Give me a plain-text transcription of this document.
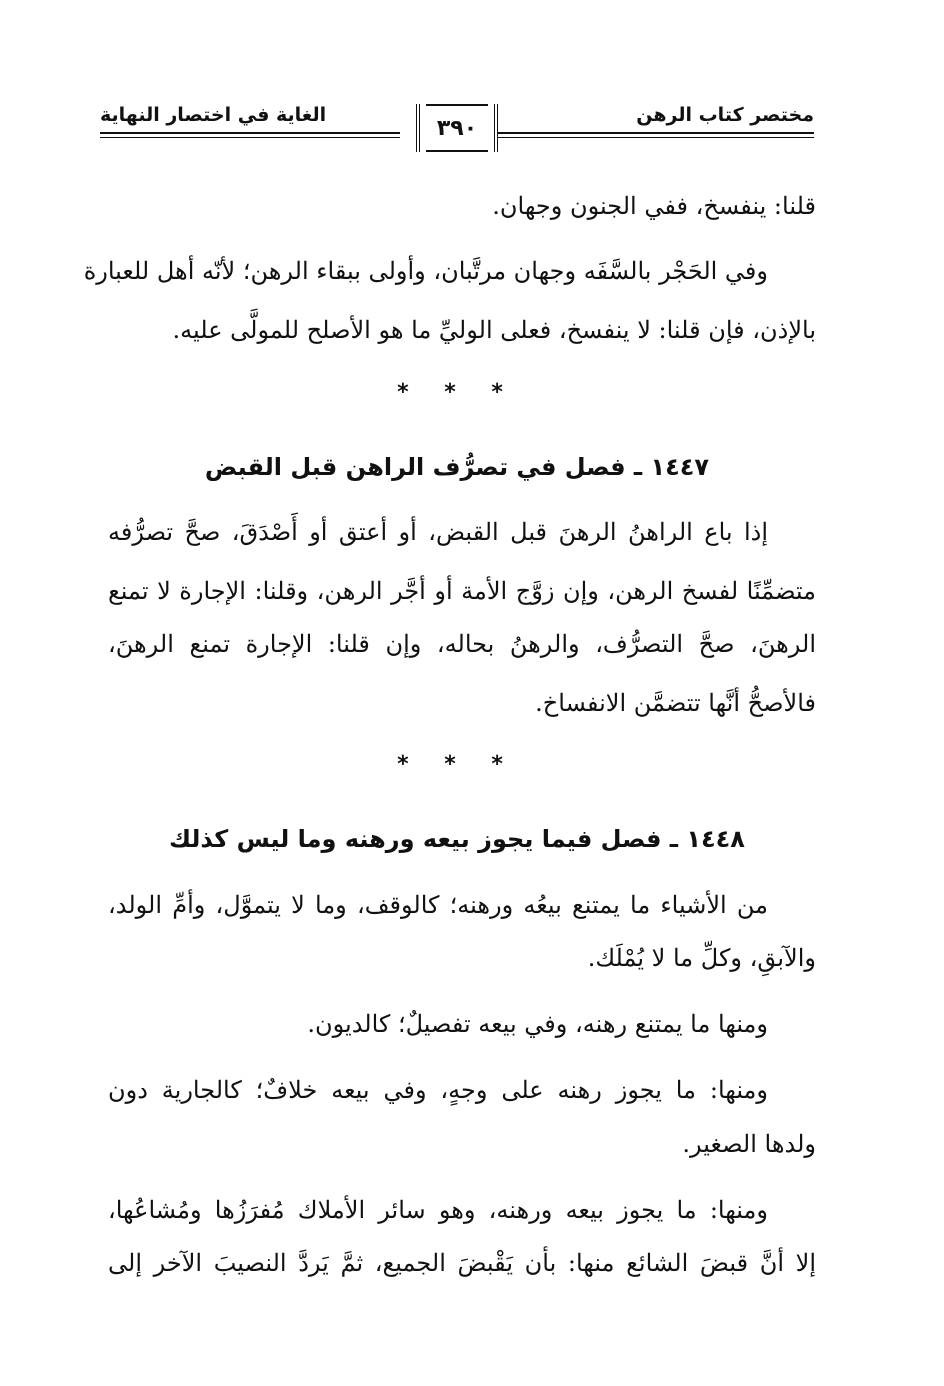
مختصر كتاب الرهن
٣٩٠
الغاية في اختصار النهاية
قلنا: ينفسخ، ففي الجنون وجهان.
وفي الحَجْر بالسَّفَه وجهان مرتَّبان، وأولى ببقاء الرهن؛ لأنّه أهل للعبارة
بالإذن، فإن قلنا: لا ينفسخ، فعلى الوليِّ ما هو الأصلح للمولَّى عليه.
* * *
١٤٤٧ ـ فصل في تصرُّف الراهن قبل القبض
إذا باع الراهنُ الرهنَ قبل القبض، أو أعتق أو أَصْدَقَ، صحَّ تصرُّفه
متضمِّنًا لفسخ الرهن، وإن زوَّج الأمة أو أجَّر الرهن، وقلنا: الإجارة لا تمنع
الرهنَ، صحَّ التصرُّف، والرهنُ بحاله، وإن قلنا: الإجارة تمنع الرهنَ،
فالأصحُّ أنَّها تتضمَّن الانفساخ.
* * *
١٤٤٨ ـ فصل فيما يجوز بيعه ورهنه وما ليس كذلك
من الأشياء ما يمتنع بيعُه ورهنه؛ كالوقف، وما لا يتموَّل، وأمِّ الولد،
والآبقِ، وكلِّ ما لا يُمْلَك.
ومنها ما يمتنع رهنه، وفي بيعه تفصيلٌ؛ كالديون.
ومنها: ما يجوز رهنه على وجهٍ، وفي بيعه خلافٌ؛ كالجارية دون
ولدها الصغير.
ومنها: ما يجوز بيعه ورهنه، وهو سائر الأملاك مُفرَزُها ومُشاعُها،
إلا أنَّ قبضَ الشائع منها: بأن يَقْبضَ الجميع، ثمَّ يَردَّ النصيبَ الآخر إلى
